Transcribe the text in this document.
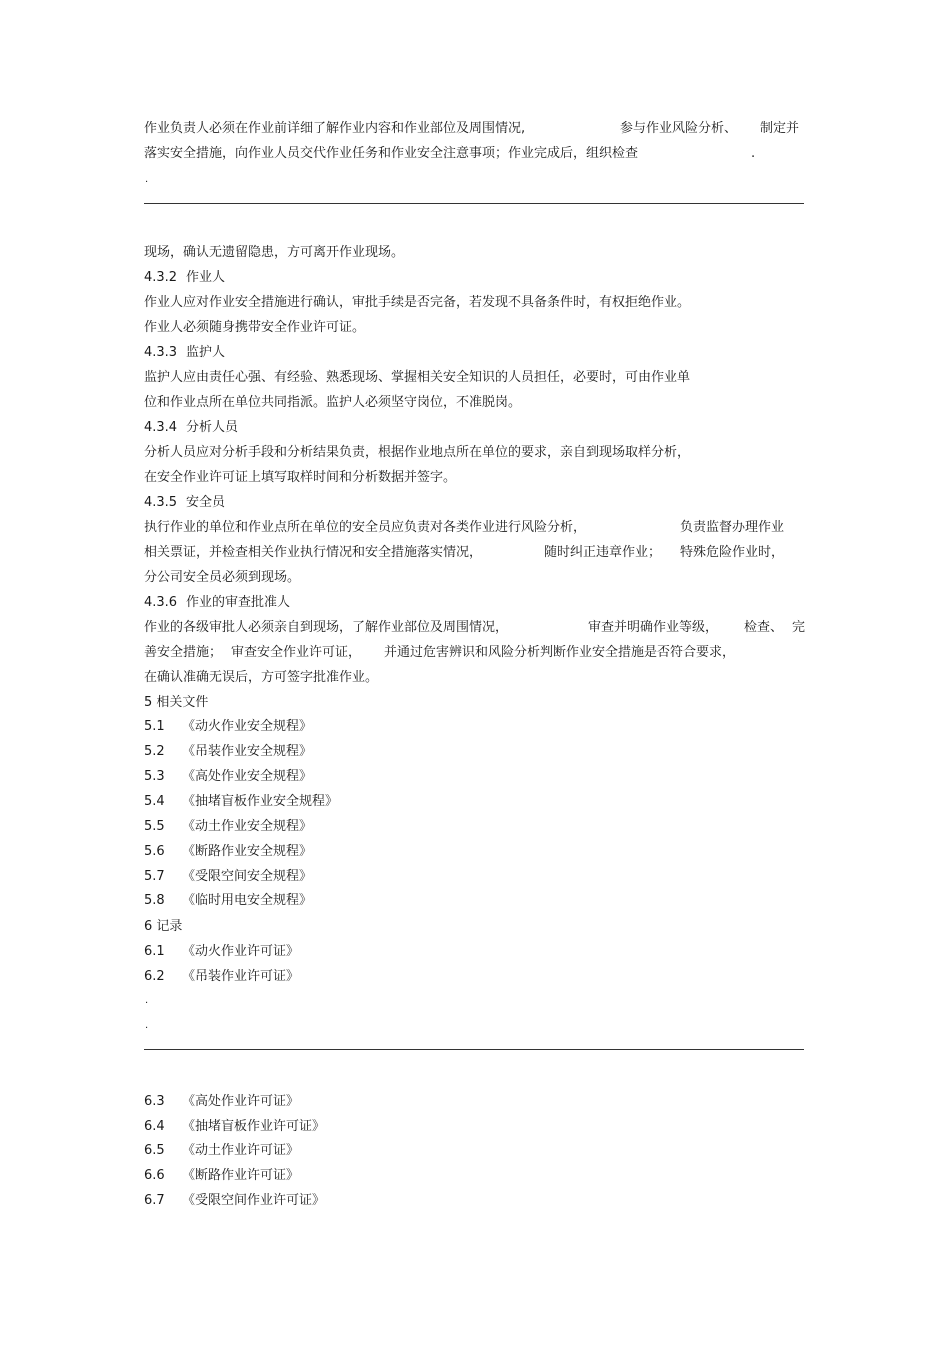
作业负责人必须在作业前详细了解作业内容和作业部位及周围情况,	参与作业风险分析、 制定并
落实安全措施，向作业人员交代作业任务和作业安全注意事项；作业完成后，组织检查	.
.
现场，确认无遗留隐患，方可离开作业现场。
4.3.2 作业人
作业人应对作业安全措施进行确认，审批手续是否完备，若发现不具备条件时，有权拒绝作业。
作业人必须随身携带安全作业许可证。
4.3.3 监护人
监护人应由责任心强、有经验、熟悉现场、掌握相关安全知识的人员担任，必要时，可由作业单
位和作业点所在单位共同指派。监护人必须坚守岗位，不准脱岗。
4.3.4 分析人员
分析人员应对分析手段和分析结果负责，根据作业地点所在单位的要求，亲自到现场取样分析，
在安全作业许可证上填写取样时间和分析数据并签字。
4.3.5 安全员
执行作业的单位和作业点所在单位的安全员应负责对各类作业进行风险分析，	负责监督办理作业
相关票证，并检查相关作业执行情况和安全措施落实情况，	随时纠正违章作业； 特殊危险作业时，
分公司安全员必须到现场。
4.3.6 作业的审查批准人
作业的各级审批人必须亲自到现场，了解作业部位及周围情况，	审查并明确作业等级， 检查、 完
善安全措施； 审查安全作业许可证， 并通过危害辨识和风险分析判断作业安全措施是否符合要求，
在确认准确无误后，方可签字批准作业。
5 相关文件
5.1 《动火作业安全规程》
5.2 《吊装作业安全规程》
5.3 《高处作业安全规程》
5.4 《抽堵盲板作业安全规程》
5.5 《动土作业安全规程》
5.6 《断路作业安全规程》
5.7 《受限空间安全规程》
5.8 《临时用电安全规程》
6 记录
6.1 《动火作业许可证》
6.2 《吊装作业许可证》
.
.
6.3 《高处作业许可证》
6.4 《抽堵盲板作业许可证》
6.5 《动土作业许可证》
6.6 《断路作业许可证》
6.7 《受限空间作业许可证》
